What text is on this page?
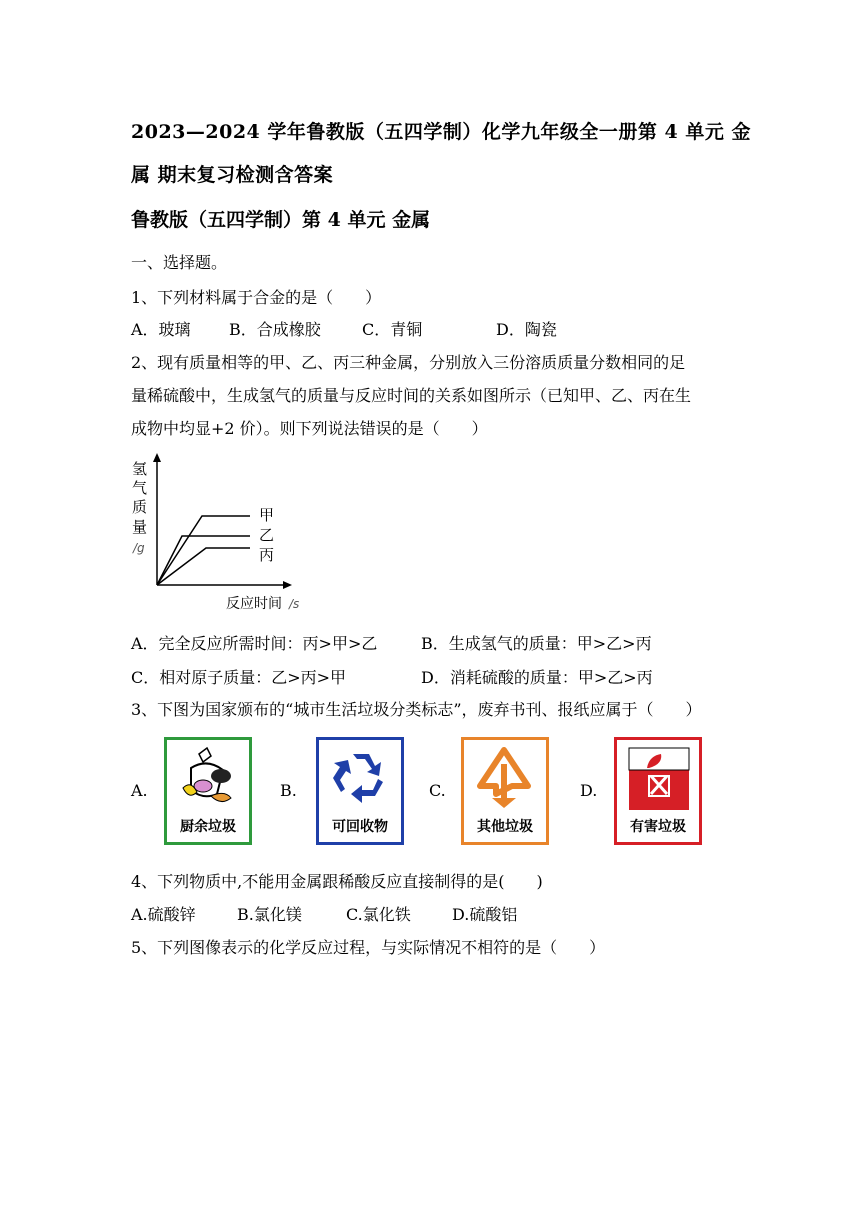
2023—2024 学年鲁教版（五四学制）化学九年级全一册第 4 单元 金
属 期末复习检测含答案
鲁教版（五四学制）第 4 单元 金属
一、选择题。
1、下列材料属于合金的是（　　）
A．玻璃 B．合成橡胶	C．青铜	D．陶瓷
2、现有质量相等的甲、乙、丙三种金属，分别放入三份溶质质量分数相同的足
量稀硫酸中，生成氢气的质量与反应时间的关系如图所示（已知甲、乙、丙在生
成物中均显+2 价）。则下列说法错误的是（　　）
氢
气
质
量
/g
甲
乙
丙
反应时间 /s
A．完全反应所需时间：丙>甲>乙	B．生成氢气的质量：甲>乙>丙
C．相对原子质量：乙>丙>甲	D．消耗硫酸的质量：甲>乙>丙
3、下图为国家颁布的“城市生活垃圾分类标志”，废弃书刊、报纸应属于（　　）
A.
厨余垃圾
B.
可回收物
C.
其他垃圾
D.
有害垃圾
4、下列物质中,不能用金属跟稀酸反应直接制得的是(　　)
A.硫酸锌	B.氯化镁	C.氯化铁	D.硫酸铝
5、下列图像表示的化学反应过程，与实际情况不相符的是（　　）
